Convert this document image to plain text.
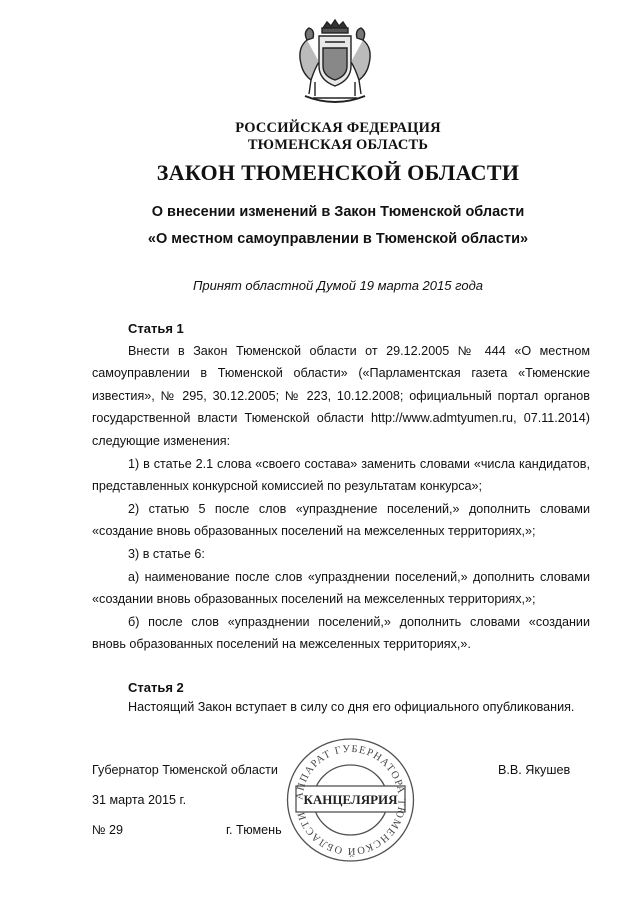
РОССИЙСКАЯ ФЕДЕРАЦИЯ
ТЮМЕНСКАЯ ОБЛАСТЬ
ЗАКОН ТЮМЕНСКОЙ ОБЛАСТИ
О внесении изменений в Закон Тюменской области
«О местном самоуправлении в Тюменской области»
Принят областной Думой 19 марта 2015 года
Статья 1

Внести в Закон Тюменской области от 29.12.2005 № 444 «О местном самоуправлении в Тюменской области» («Парламентская газета «Тюменские известия», № 295, 30.12.2005; № 223, 10.12.2008; официальный портал органов государственной власти Тюменской области http://www.admtyumen.ru, 07.11.2014) следующие изменения:

1) в статье 2.1 слова «своего состава» заменить словами «числа кандидатов, представленных конкурсной комиссией по результатам конкурса»;

2) статью 5 после слов «упразднение поселений,» дополнить словами «создание вновь образованных поселений на межселенных территориях,»;

3) в статье 6:

а) наименование после слов «упразднении поселений,» дополнить словами «создании вновь образованных поселений на межселенных территориях,»;

б) после слов «упразднении поселений,» дополнить словами «создании вновь образованных поселений на межселенных территориях,».

Статья 2
Настоящий Закон вступает в силу со дня его официального опубликования.
Губернатор Тюменской области	В.В. Якушев
31 марта 2015 г.
№ 29	г. Тюмень
АППАРАТ ГУБЕРНАТОРА ТЮМЕНСКОЙ ОБЛАСТИ
КАНЦЕЛЯРИЯ
